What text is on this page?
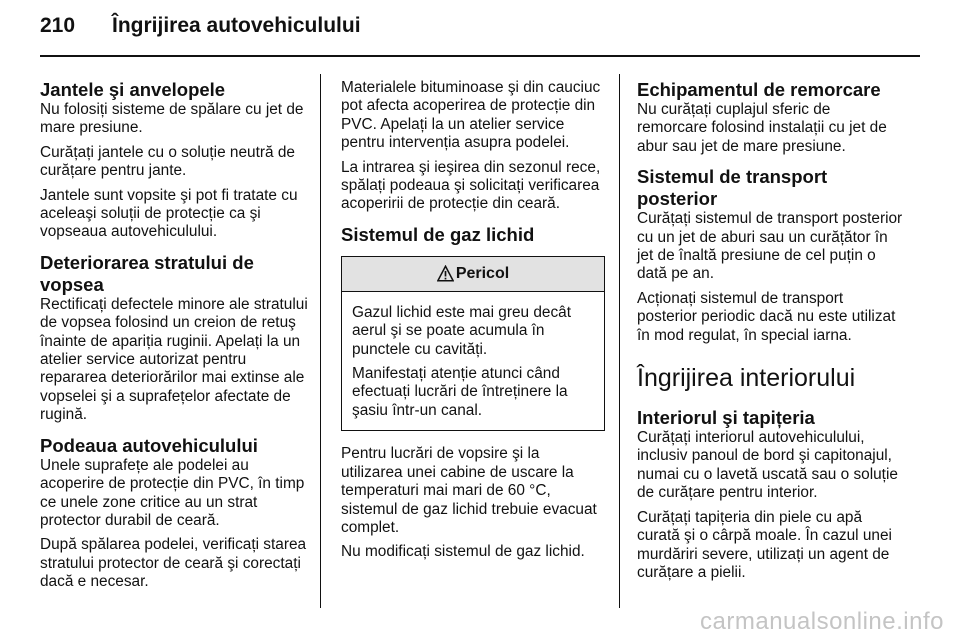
210 Îngrijirea autovehiculului
Jantele şi anvelopele

Nu folosiți sisteme de spălare cu jet de mare presiune.

Curățați jantele cu o soluție neutră de curățare pentru jante.

Jantele sunt vopsite şi pot fi tratate cu aceleaşi soluții de protecție ca şi vopseaua autovehiculului.

Deteriorarea stratului de vopsea

Rectificați defectele minore ale stratului de vopsea folosind un creion de retuş înainte de apariția ruginii. Apelați la un atelier service autorizat pentru repararea deteriorărilor mai extinse ale vopselei şi a suprafețelor afectate de rugină.

Podeaua autovehiculului

Unele suprafețe ale podelei au acoperire de protecție din PVC, în timp ce unele zone critice au un strat protector durabil de ceară.

După spălarea podelei, verificați starea stratului protector de ceară şi corectați dacă e necesar.

Materialele bituminoase şi din cauciuc pot afecta acoperirea de protecție din PVC. Apelați la un atelier service pentru intervenția asupra podelei.

La intrarea şi ieşirea din sezonul rece, spălați podeaua şi solicitați verificarea acoperirii de protecție din ceară.

Sistemul de gaz lichid
Pericol

Gazul lichid este mai greu decât aerul şi se poate acumula în punctele cu cavități.

Manifestați atenție atunci când efectuați lucrări de întreținere la şasiu într-un canal.

Pentru lucrări de vopsire şi la utilizarea unei cabine de uscare la temperaturi mai mari de 60 °C, sistemul de gaz lichid trebuie evacuat complet.

Nu modificați sistemul de gaz lichid.

Echipamentul de remorcare

Nu curățați cuplajul sferic de remorcare folosind instalații cu jet de abur sau jet de mare presiune.

Sistemul de transport posterior

Curățați sistemul de transport posterior cu un jet de aburi sau un curățător în jet de înaltă presiune de cel puțin o dată pe an.

Acționați sistemul de transport posterior periodic dacă nu este utilizat în mod regulat, în special iarna.

Îngrijirea interiorului
Interiorul şi tapițeria

Curățați interiorul autovehiculului, inclusiv panoul de bord şi capitonajul, numai cu o lavetă uscată sau o soluție de curățare pentru interior.

Curățați tapițeria din piele cu apă curată şi o cârpă moale. În cazul unei murdăriri severe, utilizați un agent de curățare a pielii.

carmanualsonline.info
